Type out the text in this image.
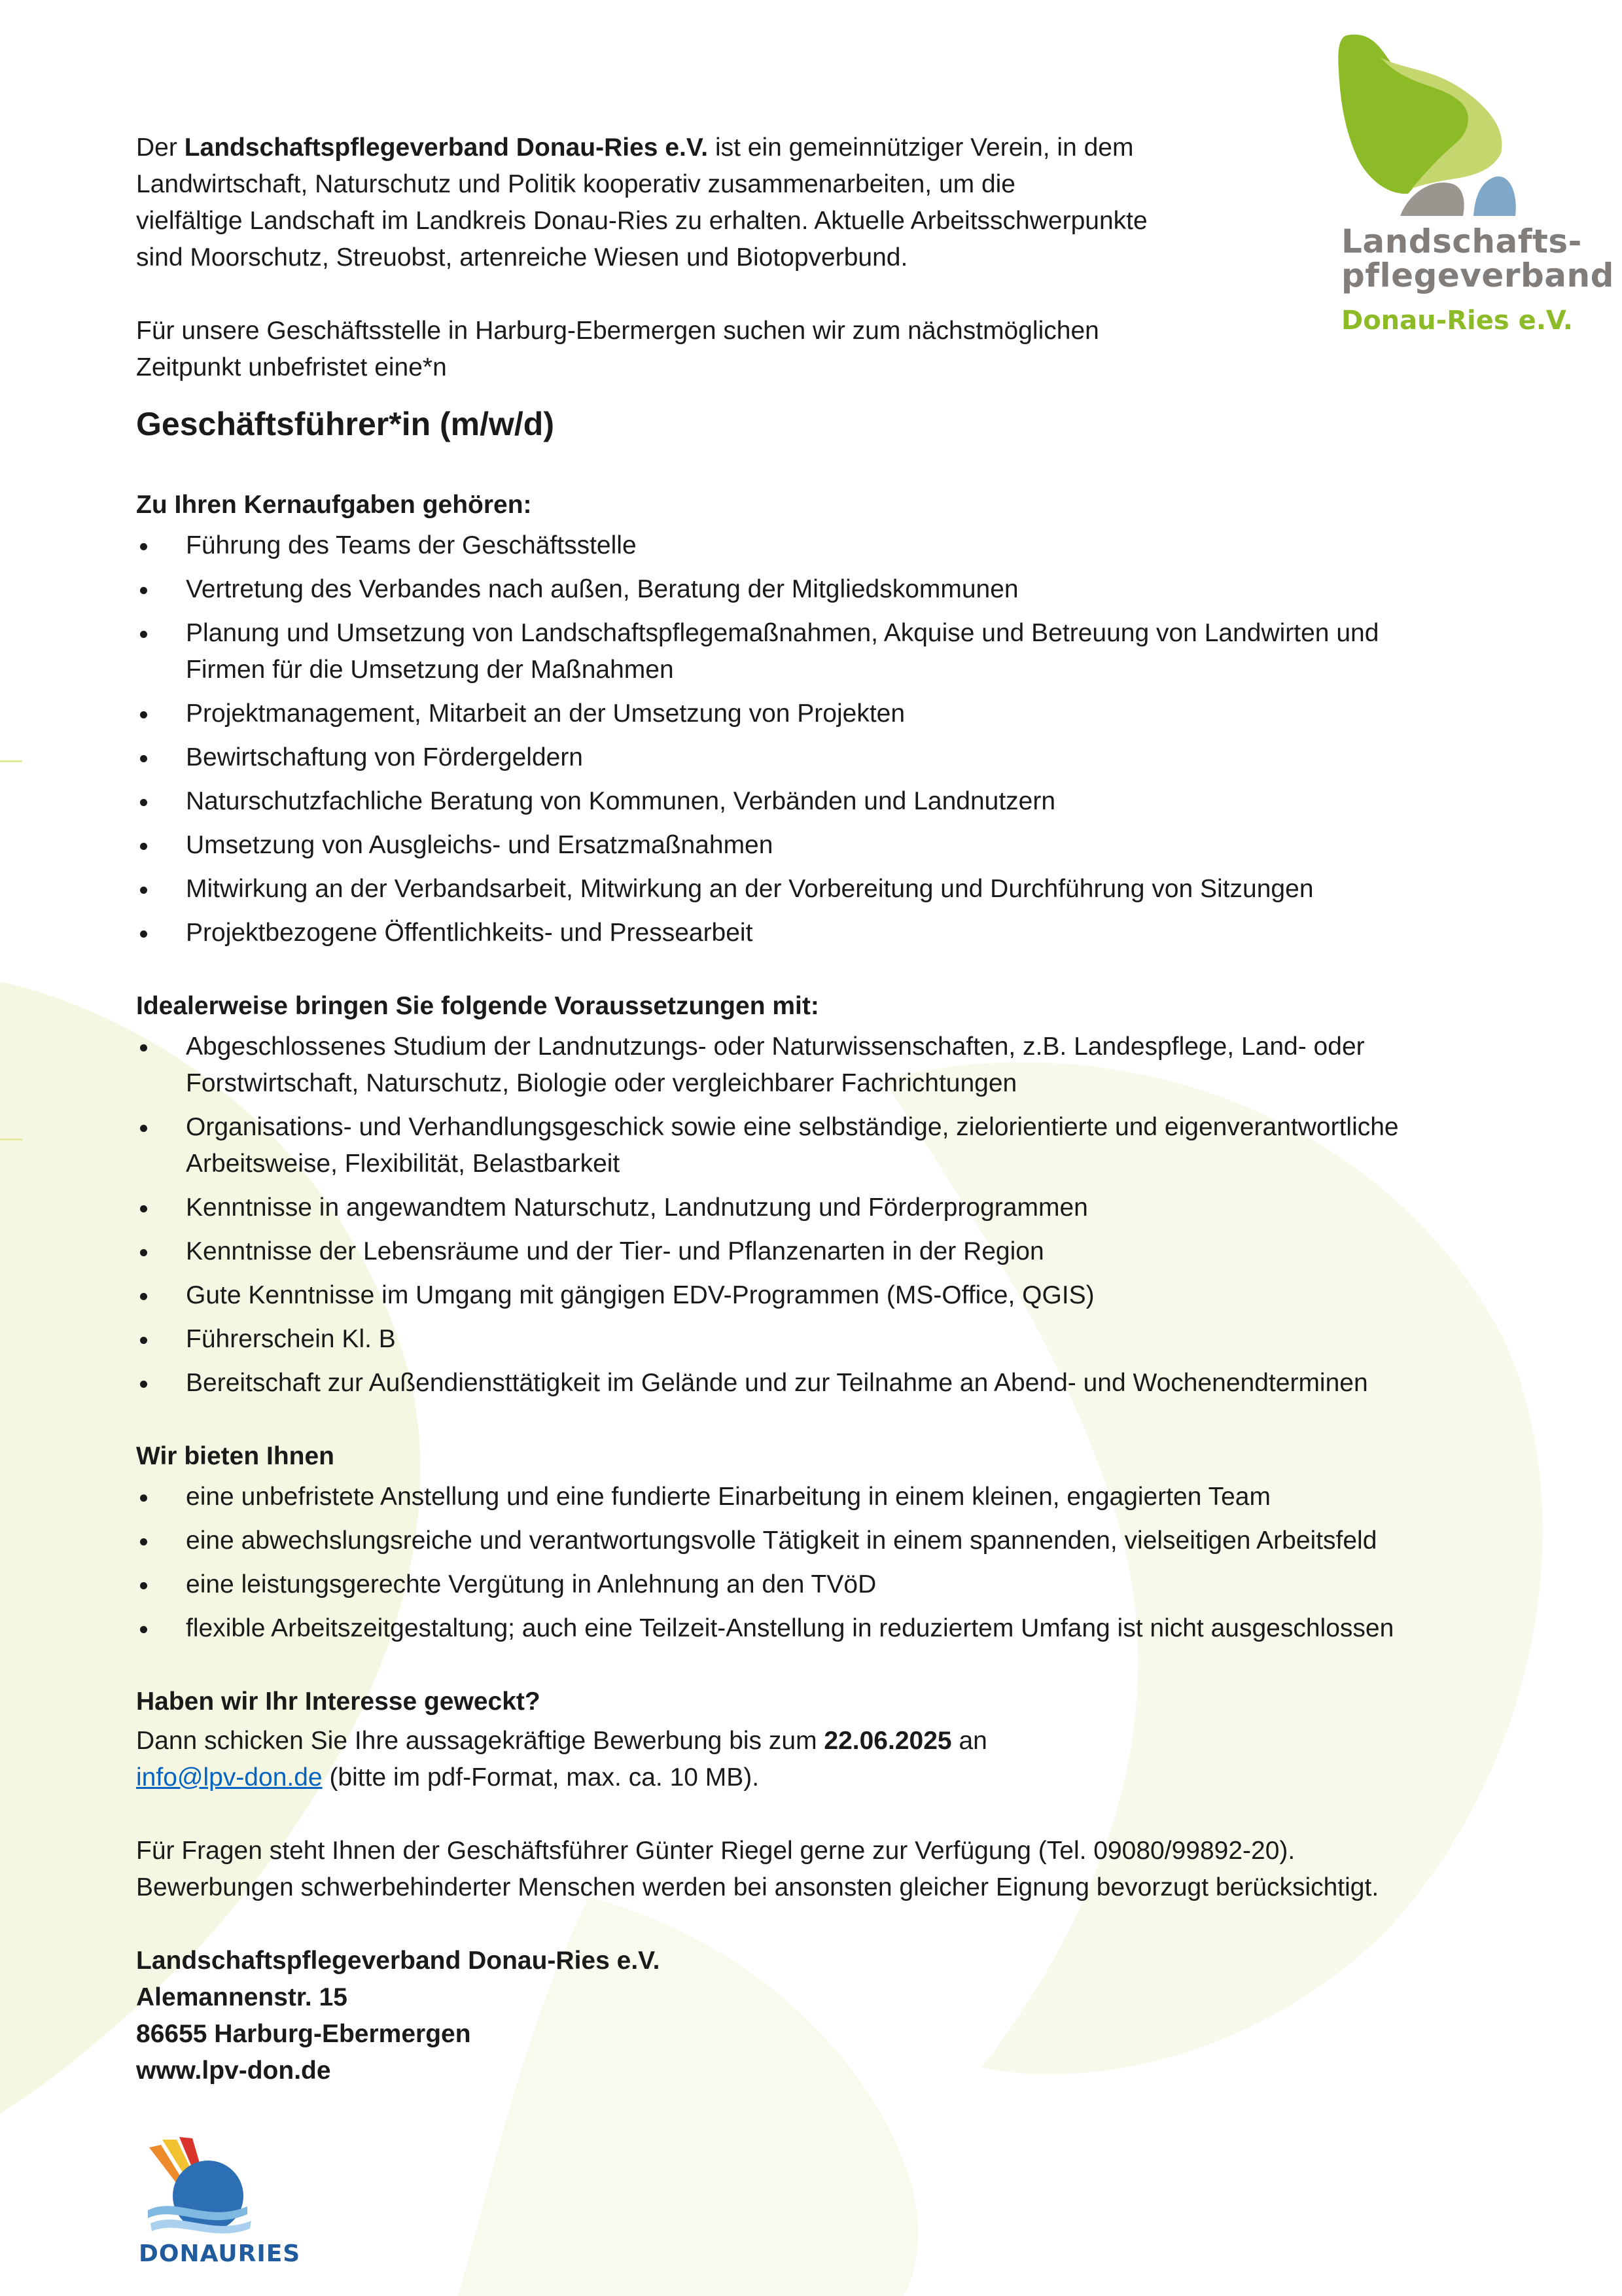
Landschafts-
pflegeverband
Donau-Ries e.V.

Der Landschaftspflegeverband Donau-Ries e.V. ist ein gemeinnütziger Verein, in dem

Landwirtschaft, Naturschutz und Politik kooperativ zusammenarbeiten, um die

vielfältige Landschaft im Landkreis Donau-Ries zu erhalten. Aktuelle Arbeitsschwerpunkte

sind Moorschutz, Streuobst, artenreiche Wiesen und Biotopverbund.

Für unsere Geschäftsstelle in Harburg-Ebermergen suchen wir zum nächstmöglichen

Zeitpunkt unbefristet eine*n

Geschäftsführer*in (m/w/d)
Zu Ihren Kernaufgaben gehören:
Führung des Teams der Geschäftsstelle
Vertretung des Verbandes nach außen, Beratung der Mitgliedskommunen
Planung und Umsetzung von Landschaftspflegemaßnahmen, Akquise und Betreuung von Landwirten und
Firmen für die Umsetzung der Maßnahmen
Projektmanagement, Mitarbeit an der Umsetzung von Projekten
Bewirtschaftung von Fördergeldern
Naturschutzfachliche Beratung von Kommunen, Verbänden und Landnutzern
Umsetzung von Ausgleichs- und Ersatzmaßnahmen
Mitwirkung an der Verbandsarbeit, Mitwirkung an der Vorbereitung und Durchführung von Sitzungen
Projektbezogene Öffentlichkeits- und Pressearbeit
Idealerweise bringen Sie folgende Voraussetzungen mit:
Abgeschlossenes Studium der Landnutzungs- oder Naturwissenschaften, z.B. Landespflege, Land- oder
Forstwirtschaft, Naturschutz, Biologie oder vergleichbarer Fachrichtungen
Organisations- und Verhandlungsgeschick sowie eine selbständige, zielorientierte und eigenverantwortliche
Arbeitsweise, Flexibilität, Belastbarkeit
Kenntnisse in angewandtem Naturschutz, Landnutzung und Förderprogrammen
Kenntnisse der Lebensräume und der Tier- und Pflanzenarten in der Region
Gute Kenntnisse im Umgang mit gängigen EDV-Programmen (MS-Office, QGIS)
Führerschein Kl. B
Bereitschaft zur Außendiensttätigkeit im Gelände und zur Teilnahme an Abend- und Wochenendterminen
Wir bieten Ihnen
eine unbefristete Anstellung und eine fundierte Einarbeitung in einem kleinen, engagierten Team
eine abwechslungsreiche und verantwortungsvolle Tätigkeit in einem spannenden, vielseitigen Arbeitsfeld
eine leistungsgerechte Vergütung in Anlehnung an den TVöD
flexible Arbeitszeitgestaltung; auch eine Teilzeit-Anstellung in reduziertem Umfang ist nicht ausgeschlossen
Haben wir Ihr Interesse geweckt?

Dann schicken Sie Ihre aussagekräftige Bewerbung bis zum 22.06.2025 an

info@lpv-don.de (bitte im pdf-Format, max. ca. 10 MB).

Für Fragen steht Ihnen der Geschäftsführer Günter Riegel gerne zur Verfügung (Tel. 09080/99892-20).

Bewerbungen schwerbehinderter Menschen werden bei ansonsten gleicher Eignung bevorzugt berücksichtigt.

Landschaftspflegeverband Donau-Ries e.V.
Alemannenstr. 15
86655 Harburg-Ebermergen
www.lpv-don.de
DONAURIES
